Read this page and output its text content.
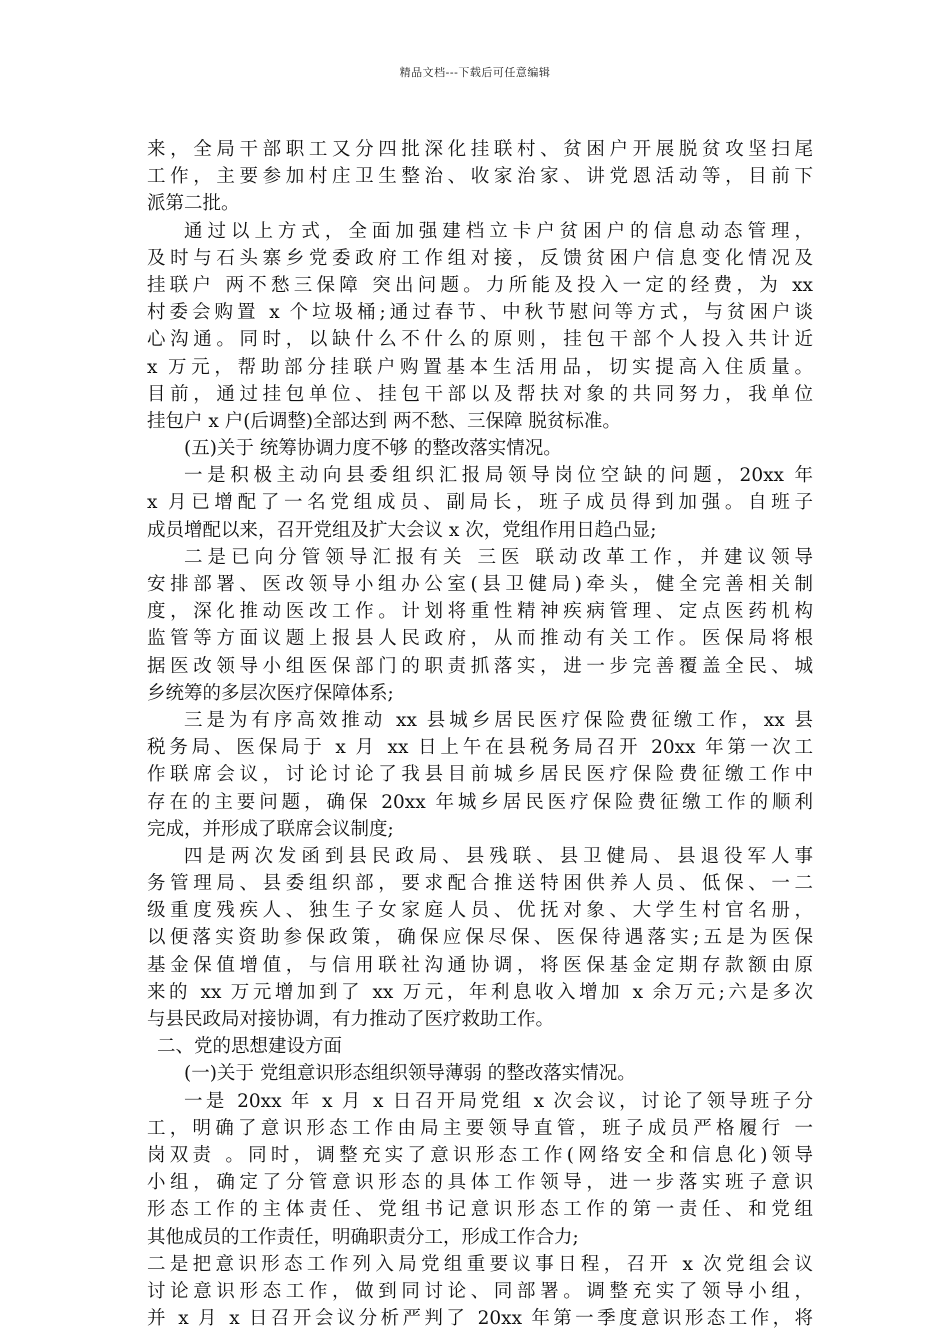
精品文档---下载后可任意编辑
来，全局干部职工又分四批深化挂联村、贫困户开展脱贫攻坚扫尾
工作，主要参加村庄卫生整治、收家治家、讲党恩活动等，目前下
派第二批。
通过以上方式，全面加强建档立卡户贫困户的信息动态管理，
及时与石头寨乡党委政府工作组对接，反馈贫困户信息变化情况及
挂联户 两不愁三保障 突出问题。力所能及投入一定的经费，为 xx
村委会购置 x 个垃圾桶;通过春节、中秋节慰问等方式，与贫困户谈
心沟通。同时，以缺什么不什么的原则，挂包干部个人投入共计近
x 万元，帮助部分挂联户购置基本生活用品，切实提高入住质量。
目前，通过挂包单位、挂包干部以及帮扶对象的共同努力，我单位
挂包户 x 户(后调整)全部达到 两不愁、三保障 脱贫标准。
(五)关于 统筹协调力度不够 的整改落实情况。
一是积极主动向县委组织汇报局领导岗位空缺的问题，20xx 年
x 月已增配了一名党组成员、副局长，班子成员得到加强。自班子
成员增配以来，召开党组及扩大会议 x 次，党组作用日趋凸显;
二是已向分管领导汇报有关 三医 联动改革工作，并建议领导
安排部署、医改领导小组办公室(县卫健局)牵头，健全完善相关制
度，深化推动医改工作。计划将重性精神疾病管理、定点医药机构
监管等方面议题上报县人民政府，从而推动有关工作。医保局将根
据医改领导小组医保部门的职责抓落实，进一步完善覆盖全民、城
乡统筹的多层次医疗保障体系;
三是为有序高效推动 xx 县城乡居民医疗保险费征缴工作，xx 县
税务局、医保局于 x 月 xx 日上午在县税务局召开 20xx 年第一次工
作联席会议，讨论讨论了我县目前城乡居民医疗保险费征缴工作中
存在的主要问题，确保 20xx 年城乡居民医疗保险费征缴工作的顺利
完成，并形成了联席会议制度;
四是两次发函到县民政局、县残联、县卫健局、县退役军人事
务管理局、县委组织部，要求配合推送特困供养人员、低保、一二
级重度残疾人、独生子女家庭人员、优抚对象、大学生村官名册，
以便落实资助参保政策，确保应保尽保、医保待遇落实;五是为医保
基金保值增值，与信用联社沟通协调，将医保基金定期存款额由原
来的 xx 万元增加到了 xx 万元，年利息收入增加 x 余万元;六是多次
与县民政局对接协调，有力推动了医疗救助工作。
二、党的思想建设方面
(一)关于 党组意识形态组织领导薄弱 的整改落实情况。
一是 20xx 年 x 月 x 日召开局党组 x 次会议，讨论了领导班子分
工，明确了意识形态工作由局主要领导直管，班子成员严格履行 一
岗双责 。同时，调整充实了意识形态工作(网络安全和信息化)领导
小组，确定了分管意识形态的具体工作领导，进一步落实班子意识
形态工作的主体责任、党组书记意识形态工作的第一责任、和党组
其他成员的工作责任，明确职责分工，形成工作合力;
二是把意识形态工作列入局党组重要议事日程，召开 x 次党组会议
讨论意识形态工作，做到同讨论、同部署。调整充实了领导小组，
并 x 月 x 日召开会议分析严判了 20xx 年第一季度意识形态工作，将
